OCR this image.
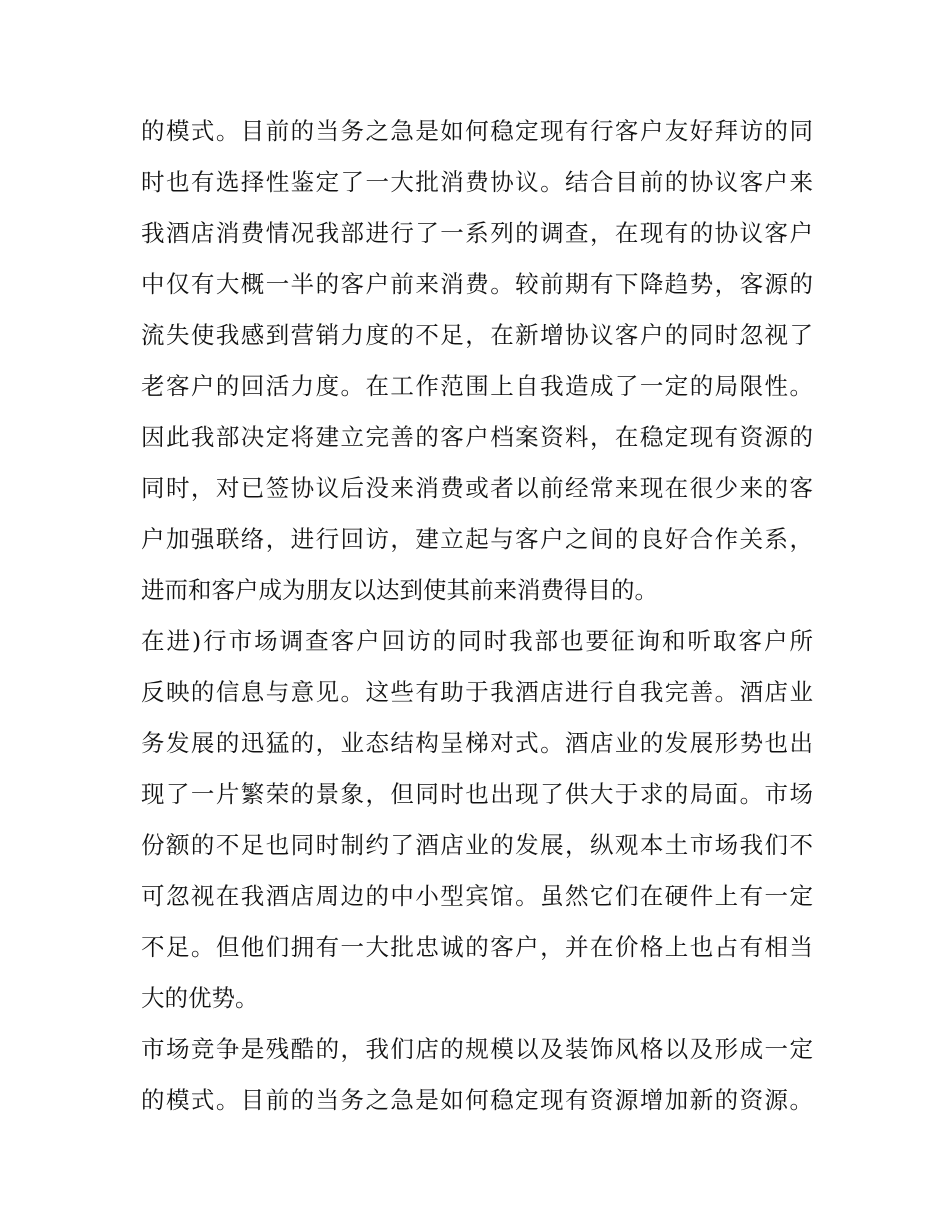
的模式。目前的当务之急是如何稳定现有行客户友好拜访的同
时也有选择性鉴定了一大批消费协议。结合目前的协议客户来
我酒店消费情况我部进行了一系列的调查，在现有的协议客户
中仅有大概一半的客户前来消费。较前期有下降趋势，客源的
流失使我感到营销力度的不足，在新增协议客户的同时忽视了
老客户的回活力度。在工作范围上自我造成了一定的局限性。
因此我部决定将建立完善的客户档案资料，在稳定现有资源的
同时，对已签协议后没来消费或者以前经常来现在很少来的客
户加强联络，进行回访，建立起与客户之间的良好合作关系，
进而和客户成为朋友以达到使其前来消费得目的。
在进)行市场调查客户回访的同时我部也要征询和听取客户所
反映的信息与意见。这些有助于我酒店进行自我完善。酒店业
务发展的迅猛的，业态结构呈梯对式。酒店业的发展形势也出
现了一片繁荣的景象，但同时也出现了供大于求的局面。市场
份额的不足也同时制约了酒店业的发展，纵观本土市场我们不
可忽视在我酒店周边的中小型宾馆。虽然它们在硬件上有一定
不足。但他们拥有一大批忠诚的客户，并在价格上也占有相当
大的优势。
市场竞争是残酷的，我们店的规模以及装饰风格以及形成一定
的模式。目前的当务之急是如何稳定现有资源增加新的资源。
